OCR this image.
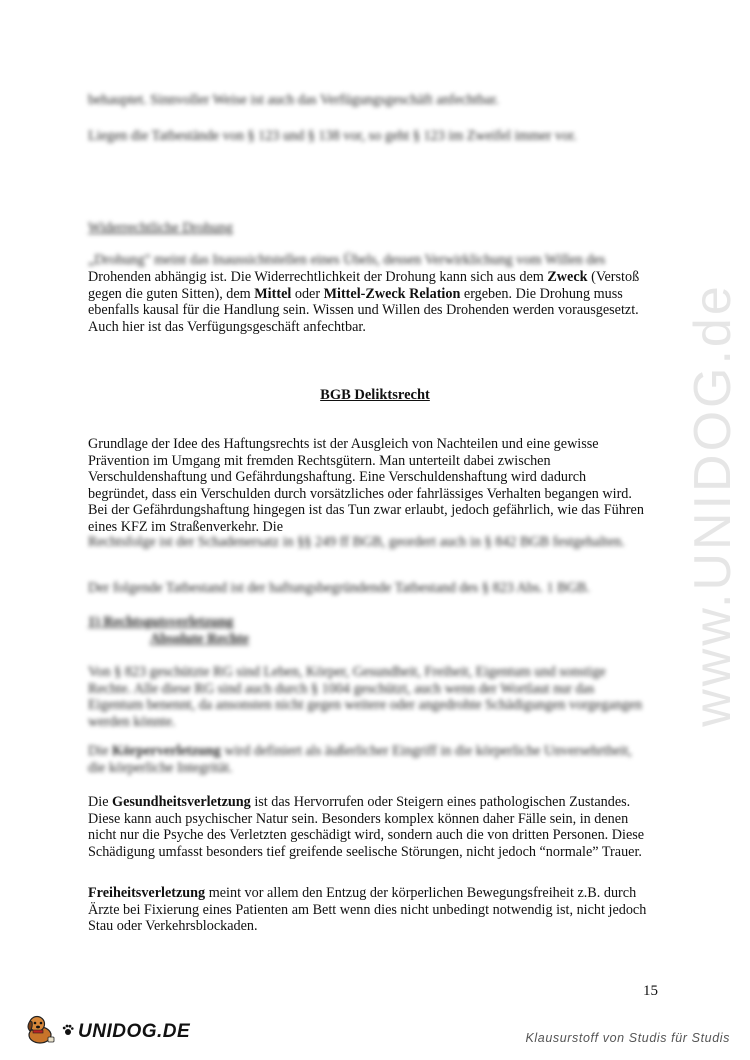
www.UNIDOG.de

behauptet. Sinnvoller Weise ist auch das Verfügungsgeschäft anfechtbar.

Liegen die Tatbestände von § 123 und § 138 vor, so geht § 123 im Zweifel immer vor.

Widerrechtliche Drohung

„Drohung" meint das Inaussichtstellen eines Übels, dessen Verwirklichung vom Willen des

Drohenden abhängig ist. Die Widerrechtlichkeit der Drohung kann sich aus dem Zweck (Verstoß gegen die guten Sitten), dem Mittel oder Mittel-Zweck Relation ergeben. Die Drohung muss ebenfalls kausal für die Handlung sein. Wissen und Willen des Drohenden werden vorausgesetzt. Auch hier ist das Verfügungsgeschäft anfechtbar.

BGB Deliktsrecht

Grundlage der Idee des Haftungsrechts ist der Ausgleich von Nachteilen und eine gewisse Prävention im Umgang mit fremden Rechtsgütern. Man unterteilt dabei zwischen Verschuldenshaftung und Gefährdungshaftung. Eine Verschuldenshaftung wird dadurch begründet, dass ein Verschulden durch vorsätzliches oder fahrlässiges Verhalten begangen wird. Bei der Gefährdungshaftung hingegen ist das Tun zwar erlaubt, jedoch gefährlich, wie das Führen eines KFZ im Straßenverkehr. Die

Rechtsfolge ist der Schadenersatz in §§ 249 ff BGB, geordert auch in § 842 BGB festgehalten.

Der folgende Tatbestand ist der haftungsbegründende Tatbestand des § 823 Abs. 1 BGB.

1) Rechtsgutsverletzung

Absolute Rechte

Von § 823 geschützte RG sind Leben, Körper, Gesundheit, Freiheit, Eigentum und sonstige Rechte. Alle diese RG sind auch durch § 1004 geschützt, auch wenn der Wortlaut nur das Eigentum benennt, da ansonsten nicht gegen weitere oder angedrohte Schädigungen vorgegangen werden könnte.

Die Körperverletzung wird definiert als äußerlicher Eingriff in die körperliche Unversehrtheit, die körperliche Integrität.

Die Gesundheitsverletzung ist das Hervorrufen oder Steigern eines pathologischen Zustandes. Diese kann auch psychischer Natur sein. Besonders komplex können daher Fälle sein, in denen nicht nur die Psyche des Verletzten geschädigt wird, sondern auch die von dritten Personen. Diese Schädigung umfasst besonders tief greifende seelische Störungen, nicht jedoch “normale” Trauer.

Freiheitsverletzung meint vor allem den Entzug der körperlichen Bewegungsfreiheit z.B. durch Ärzte bei Fixierung eines Patienten am Bett wenn dies nicht unbedingt notwendig ist, nicht jedoch Stau oder Verkehrsblockaden.

15
UNIDOG.DE	Klausurstoff von Studis für Studis
